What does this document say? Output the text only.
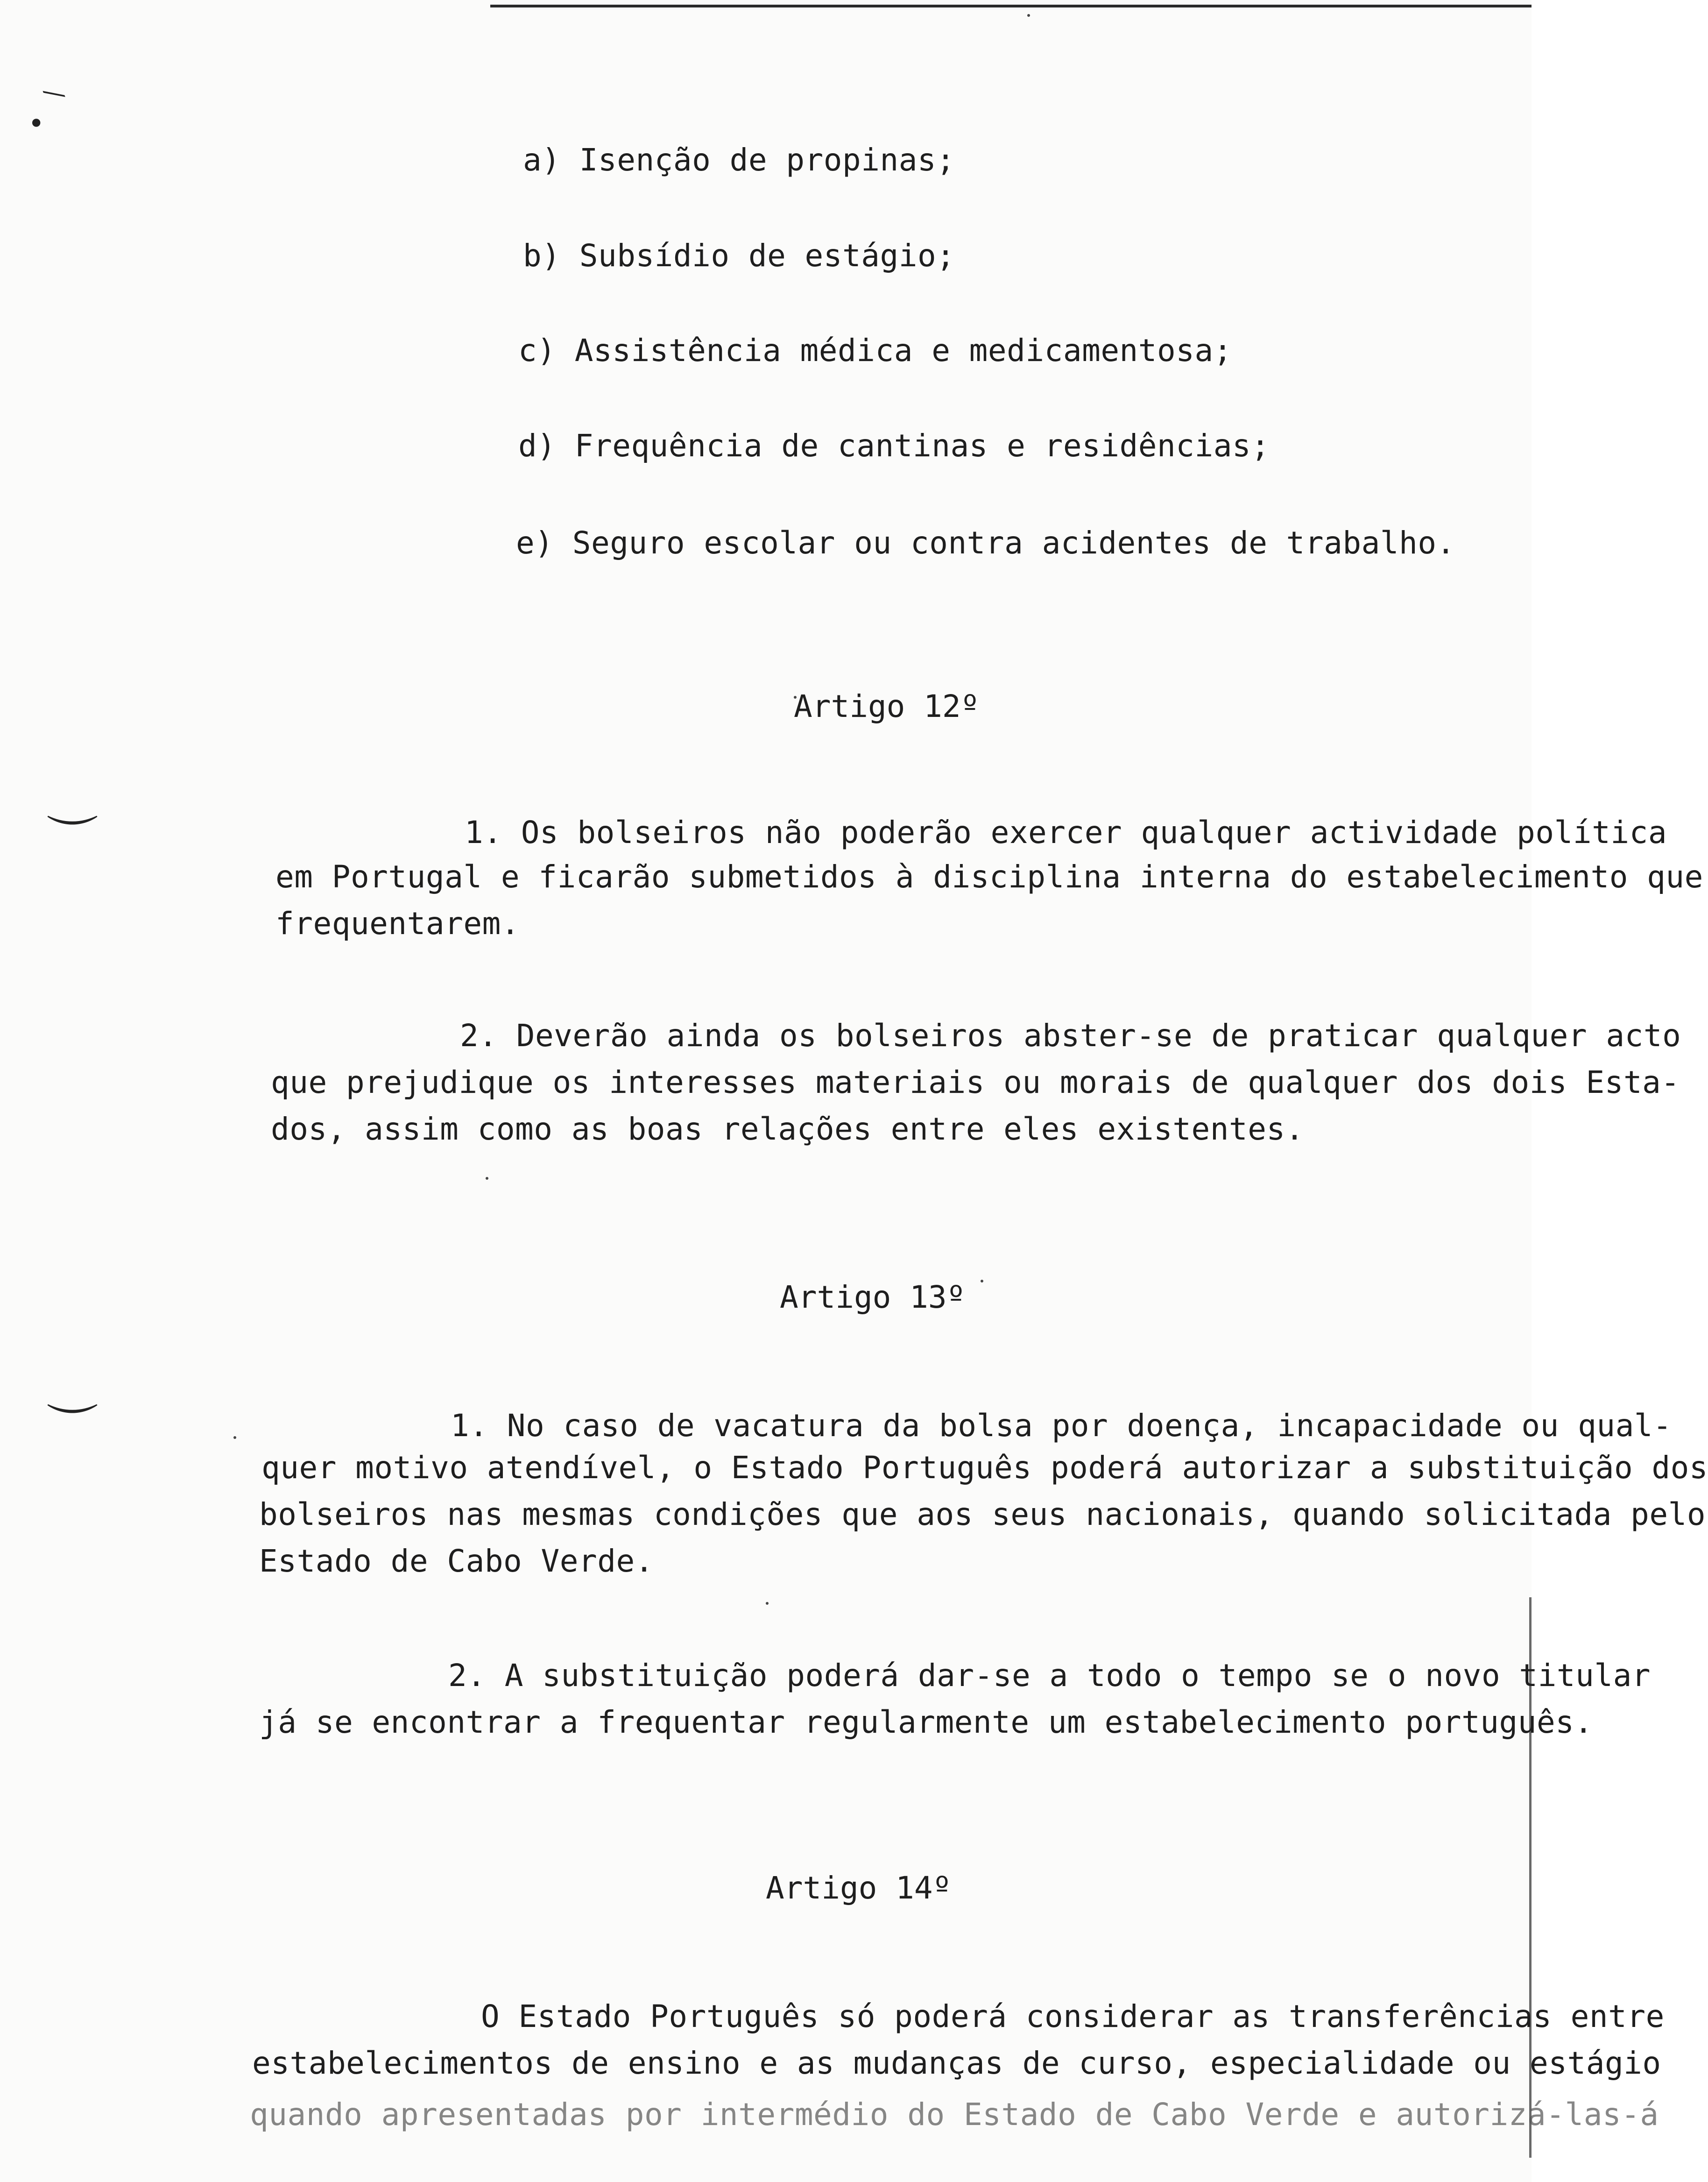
•
⁄
⌒
⌒
a) Isenção de propinas;
b) Subsídio de estágio;
c) Assistência médica e medicamentosa;
d) Frequência de cantinas e residências;
e) Seguro escolar ou contra acidentes de trabalho.
Artigo 12º
1. Os bolseiros não poderão exercer qualquer actividade política
em Portugal e ficarão submetidos à disciplina interna do estabelecimento que
frequentarem.
2. Deverão ainda os bolseiros abster-se de praticar qualquer acto
que prejudique os interesses materiais ou morais de qualquer dos dois Esta-
dos, assim como as boas relações entre eles existentes.
Artigo 13º
1. No caso de vacatura da bolsa por doença, incapacidade ou qual-
quer motivo atendível, o Estado Português poderá autorizar a substituição dos
bolseiros nas mesmas condições que aos seus nacionais, quando solicitada pelo
Estado de Cabo Verde.
2. A substituição poderá dar-se a todo o tempo se o novo titular
já se encontrar a frequentar regularmente um estabelecimento português.
Artigo 14º
O Estado Português só poderá considerar as transferências entre
estabelecimentos de ensino e as mudanças de curso, especialidade ou estágio
quando apresentadas por intermédio do Estado de Cabo Verde e autorizá-las-á
